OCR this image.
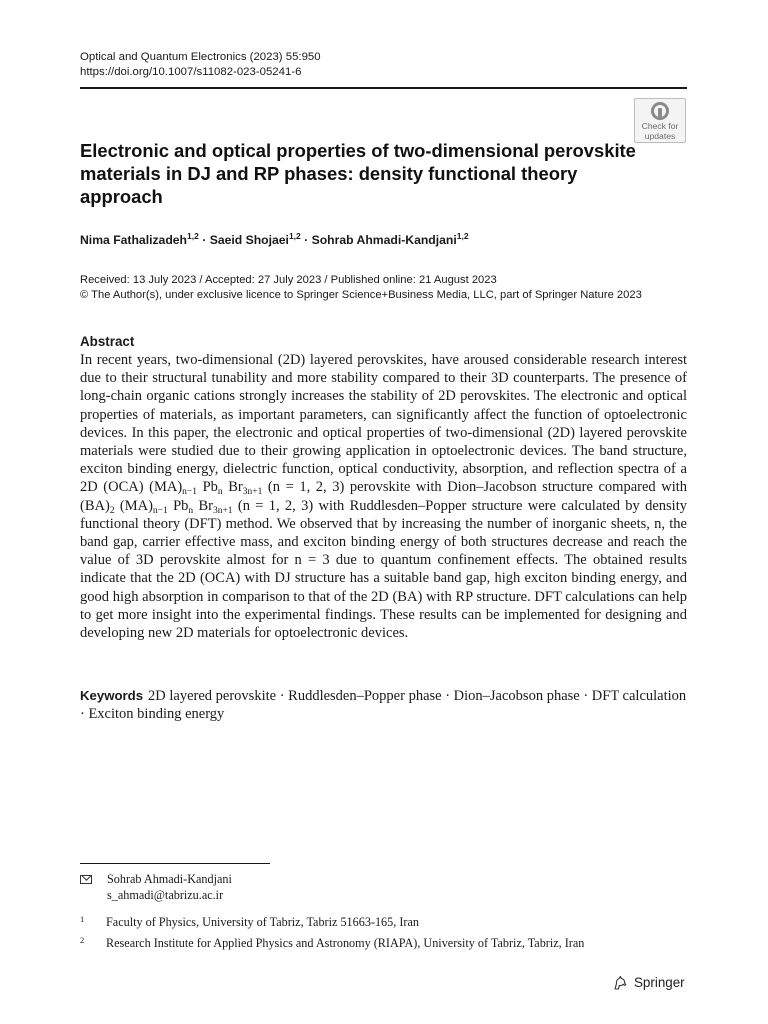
Optical and Quantum Electronics (2023) 55:950
https://doi.org/10.1007/s11082-023-05241-6
Check for
updates
Electronic and optical properties of two-dimensional perovskite materials in DJ and RP phases: density functional theory approach
Nima Fathalizadeh$^{1,2}$ · Saeid Shojaei$^{1,2}$ · Sohrab Ahmadi-Kandjani$^{1,2}$
Received: 13 July 2023 / Accepted: 27 July 2023 / Published online: 21 August 2023
© The Author(s), under exclusive licence to Springer Science+Business Media, LLC, part of Springer Nature 2023
Abstract

In recent years, two-dimensional (2D) layered perovskites, have aroused considerable research interest due to their structural tunability and more stability compared to their 3D counterparts. The presence of long-chain organic cations strongly increases the stability of 2D perovskites. The electronic and optical properties of materials, as important parameters, can significantly affect the function of optoelectronic devices. In this paper, the electronic and optical properties of two-dimensional (2D) layered perovskite materials were studied due to their growing application in optoelectronic devices. The band structure, exciton binding energy, dielectric function, optical conductivity, absorption, and reflection spectra of a 2D (OCA) $(MA)_{n-1}$ $Pb_n$ $Br_{3n+1}$ (n = 1, 2, 3) perovskite with Dion–Jacobson structure compared with $(BA)_2$ $(MA)_{n-1}$ $Pb_n$ $Br_{3n+1}$ (n = 1, 2, 3) with Ruddlesden–Popper structure were calculated by density functional theory (DFT) method. We observed that by increasing the number of inorganic sheets, n, the band gap, carrier effective mass, and exciton binding energy of both structures decrease and reach the value of 3D perovskite almost for n = 3 due to quantum confinement effects. The obtained results indicate that the 2D (OCA) with DJ structure has a suitable band gap, high exciton binding energy, and good high absorption in comparison to that of the 2D (BA) with RP structure. DFT calculations can help to get more insight into the experimental findings. These results can be implemented for designing and developing new 2D materials for optoelectronic devices.

Keywords 2D layered perovskite · Ruddlesden–Popper phase · Dion–Jacobson phase · DFT calculation · Exciton binding energy
Sohrab Ahmadi-Kandjani
s_ahmadi@tabrizu.ac.ir
1 Faculty of Physics, University of Tabriz, Tabriz 51663-165, Iran
2 Research Institute for Applied Physics and Astronomy (RIAPA), University of Tabriz, Tabriz, Iran
Springer
